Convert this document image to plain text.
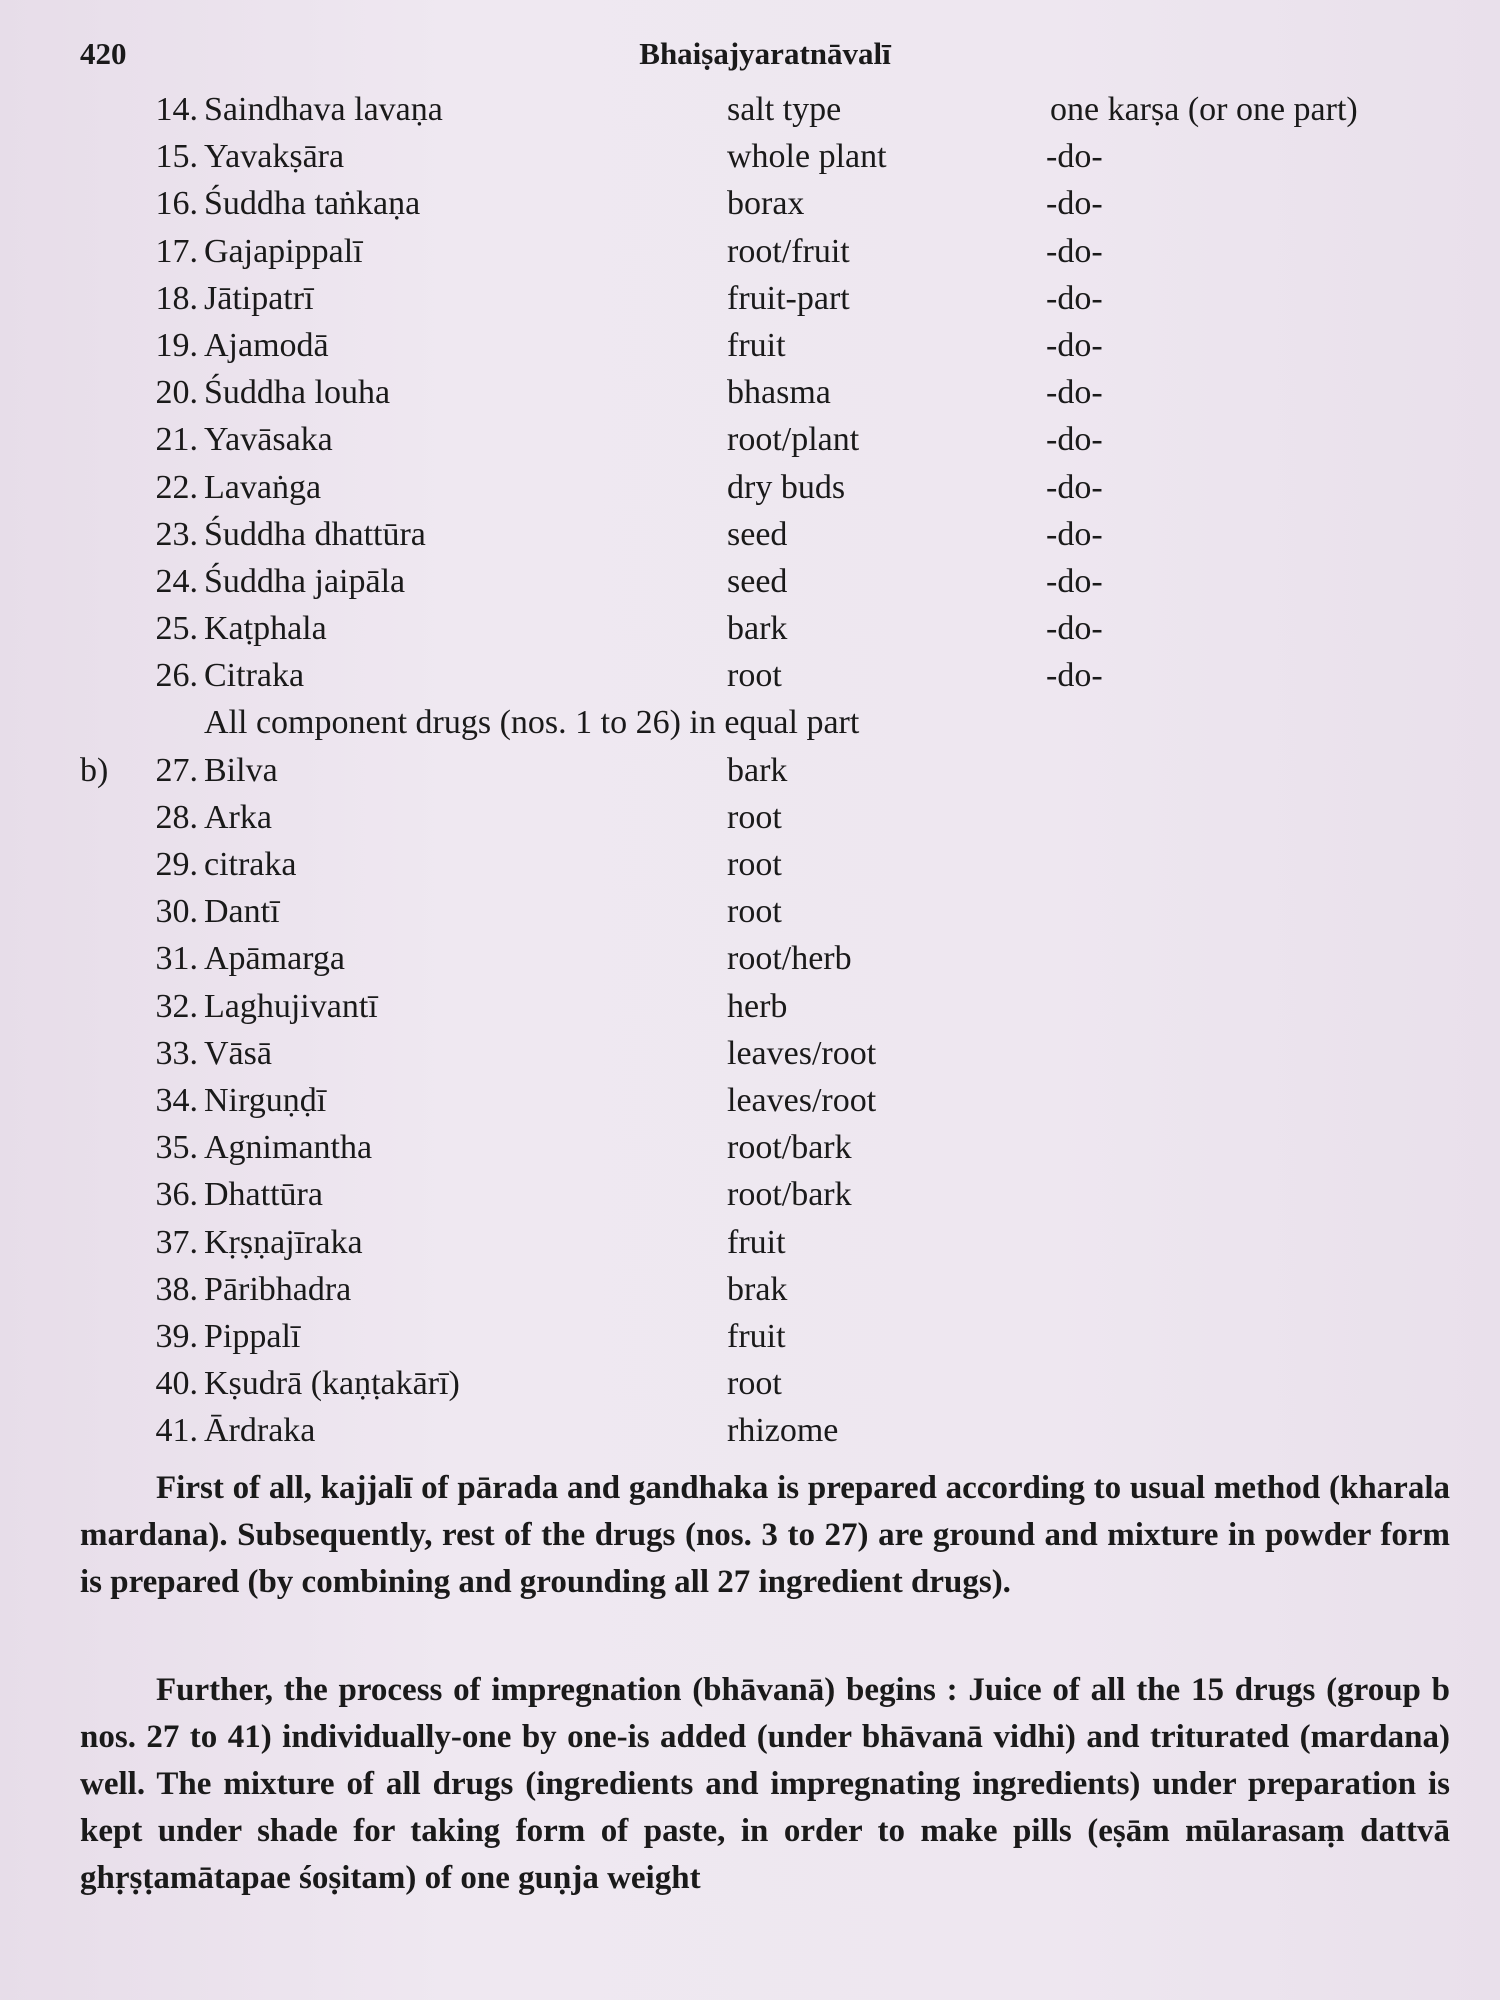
420	Bhaiṣajyaratnāvalī
14. Saindhava lavaṇa	salt type	one karṣa (or one part)
15. Yavakṣāra	whole plant	-do-
16. Śuddha taṅkaṇa	borax	-do-
17. Gajapippalī	root/fruit	-do-
18. Jātipatrī	fruit-part	-do-
19. Ajamodā	fruit	-do-
20. Śuddha louha	bhasma	-do-
21. Yavāsaka	root/plant	-do-
22. Lavaṅga	dry buds	-do-
23. Śuddha dhattūra	seed	-do-
24. Śuddha jaipāla	seed	-do-
25. Kaṭphala	bark	-do-
26. Citraka	root	-do-
All component drugs (nos. 1 to 26) in equal part
b)	27. Bilva	bark
28. Arka	root
29. citraka	root
30. Dantī	root
31. Apāmarga	root/herb
32. Laghujivantī	herb
33. Vāsā	leaves/root
34. Nirguṇḍī	leaves/root
35. Agnimantha	root/bark
36. Dhattūra	root/bark
37. Kṛṣṇajīraka	fruit
38. Pāribhadra	brak
39. Pippalī	fruit
40. Kṣudrā (kaṇṭakārī)	root
41. Ārdraka	rhizome

First of all, kajjalī of pārada and gandhaka is prepared according to usual method (kharala mardana). Subsequently, rest of the drugs (nos. 3 to 27) are ground and mixture in powder form is prepared (by combining and grounding all 27 ingredient drugs).

Further, the process of impregnation (bhāvanā) begins : Juice of all the 15 drugs (group b nos. 27 to 41) individually-one by one-is added (under bhāvanā vidhi) and triturated (mardana) well. The mixture of all drugs (ingredients and impregnating ingredients) under preparation is kept under shade for taking form of paste, in order to make pills (eṣām mūlarasaṃ dattvā ghṛṣṭamātapae śoṣitam) of one guṇja weight
